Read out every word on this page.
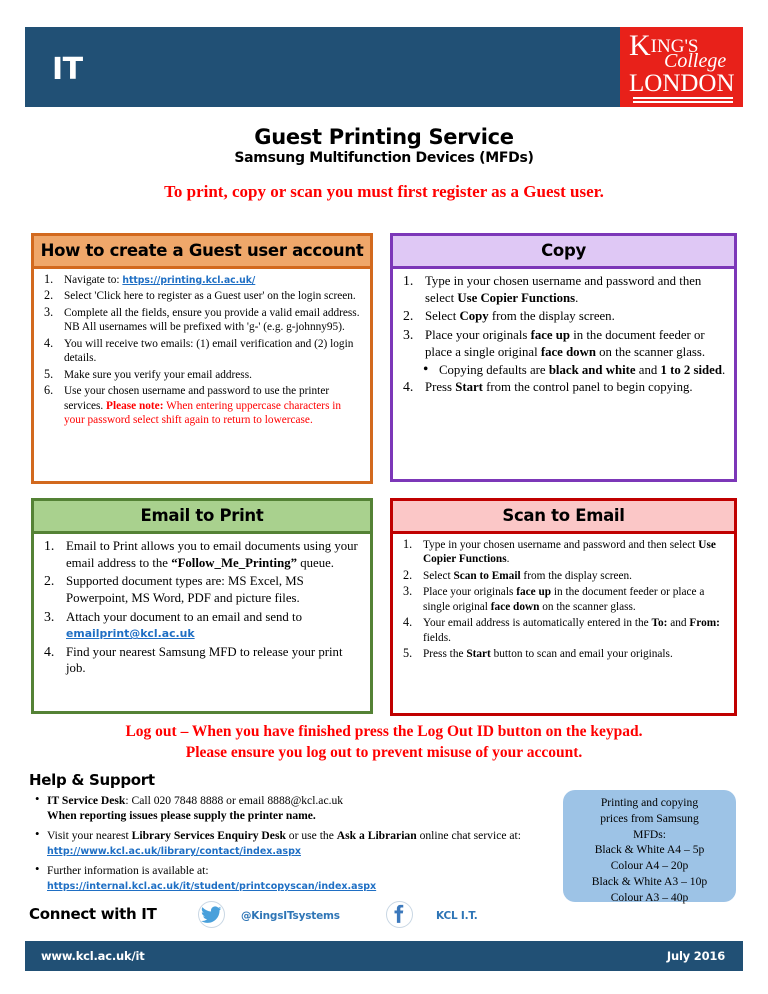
IT
KING'S
College
LONDON
Guest Printing Service
Samsung Multifunction Devices (MFDs)
To print, copy or scan you must first register as a Guest user.
How to create a Guest user account
Navigate to: https://printing.kcl.ac.uk/
Select 'Click here to register as a Guest user' on the login screen.
Complete all the fields, ensure you provide a valid email address. NB All usernames will be prefixed with 'g-' (e.g. g-johnny95).
You will receive two emails: (1) email verification and (2) login details.
Make sure you verify your email address.
Use your chosen username and password to use the printer services. Please note: When entering uppercase characters in your password select shift again to return to lowercase.
Copy
Type in your chosen username and password and then select Use Copier Functions.
Select Copy from the display screen.
Place your originals face up in the document feeder or place a single original face down on the scanner glass.
• Copying defaults are black and white and 1 to 2 sided.
Press Start from the control panel to begin copying.
Email to Print
Email to Print allows you to email documents using your email address to the “Follow_Me_Printing” queue.
Supported document types are: MS Excel, MS Powerpoint, MS Word, PDF and picture files.
Attach your document to an email and send to
emailprint@kcl.ac.uk
Find your nearest Samsung MFD to release your print job.
Scan to Email
Type in your chosen username and password and then select Use Copier Functions.
Select Scan to Email from the display screen.
Place your originals face up in the document feeder or place a single original face down on the scanner glass.
Your email address is automatically entered in the To: and From: fields.
Press the Start button to scan and email your originals.
Log out – When you have finished press the Log Out ID button on the keypad.
Please ensure you log out to prevent misuse of your account.
Help & Support
• IT Service Desk: Call 020 7848 8888 or email 8888@kcl.ac.uk
When reporting issues please supply the printer name.
• Visit your nearest Library Services Enquiry Desk or use the Ask a Librarian online chat service at: http://www.kcl.ac.uk/library/contact/index.aspx
• Further information is available at:
https://internal.kcl.ac.uk/it/student/printcopyscan/index.aspx
Printing and copying
prices from Samsung
MFDs:
Black & White A4 – 5p
Colour A4 – 20p
Black & White A3 – 10p
Colour A3 – 40p
Connect with IT	@KingsITsystems	KCL I.T.
www.kcl.ac.uk/it	July 2016
